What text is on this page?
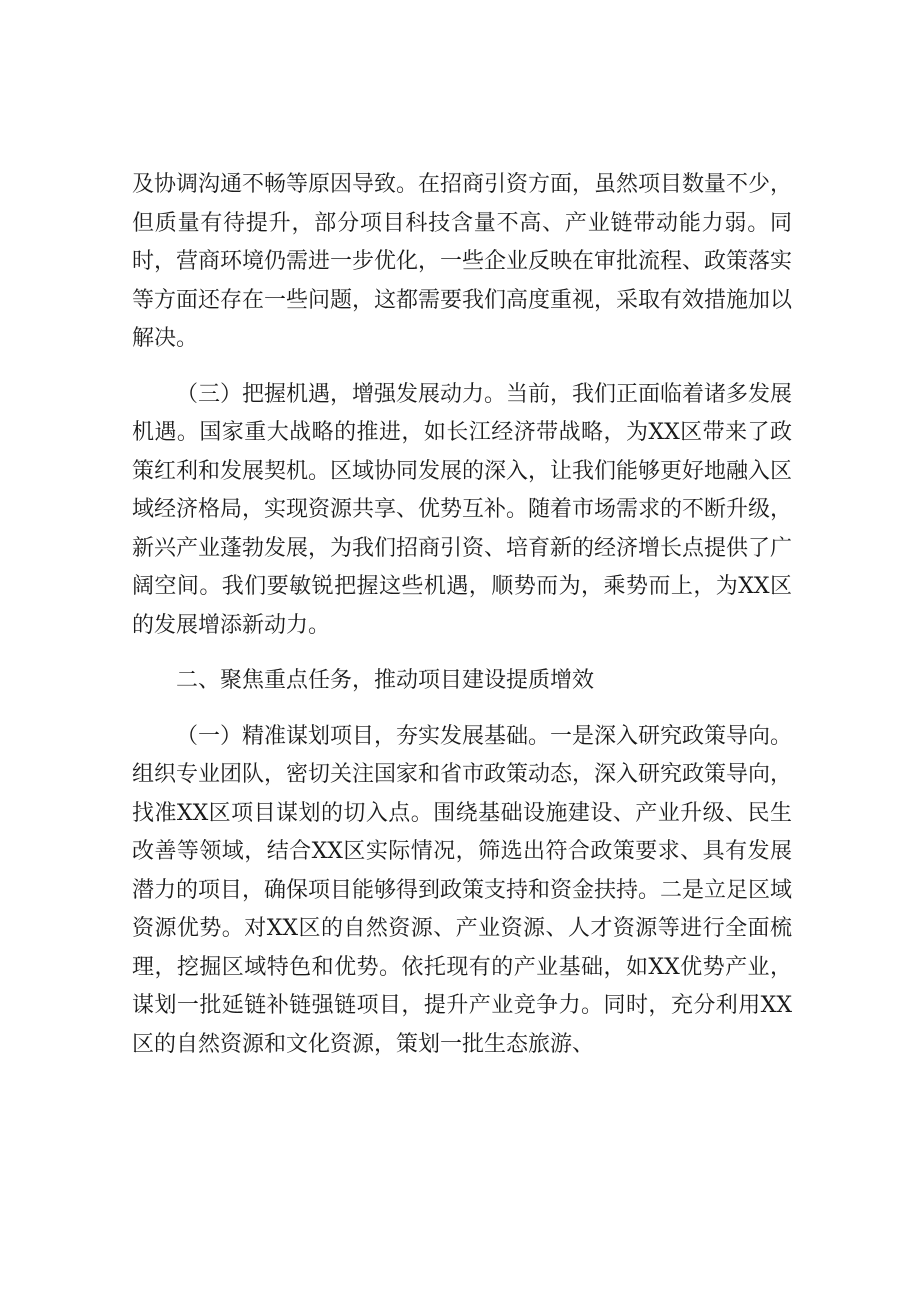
及协调沟通不畅等原因导致。在招商引资方面，虽然项目数量不少，但质量有待提升，部分项目科技含量不高、产业链带动能力弱。同时，营商环境仍需进一步优化，一些企业反映在审批流程、政策落实等方面还存在一些问题，这都需要我们高度重视，采取有效措施加以解决。

（三）把握机遇，增强发展动力。当前，我们正面临着诸多发展机遇。国家重大战略的推进，如长江经济带战略，为XX区带来了政策红利和发展契机。区域协同发展的深入，让我们能够更好地融入区域经济格局，实现资源共享、优势互补。随着市场需求的不断升级，新兴产业蓬勃发展，为我们招商引资、培育新的经济增长点提供了广阔空间。我们要敏锐把握这些机遇，顺势而为，乘势而上，为XX区的发展增添新动力。

二、聚焦重点任务，推动项目建设提质增效

（一）精准谋划项目，夯实发展基础。一是深入研究政策导向。组织专业团队，密切关注国家和省市政策动态，深入研究政策导向，找准XX区项目谋划的切入点。围绕基础设施建设、产业升级、民生改善等领域，结合XX区实际情况，筛选出符合政策要求、具有发展潜力的项目，确保项目能够得到政策支持和资金扶持。二是立足区域资源优势。对XX区的自然资源、产业资源、人才资源等进行全面梳理，挖掘区域特色和优势。依托现有的产业基础，如XX优势产业，谋划一批延链补链强链项目，提升产业竞争力。同时，充分利用XX区的自然资源和文化资源，策划一批生态旅游、
